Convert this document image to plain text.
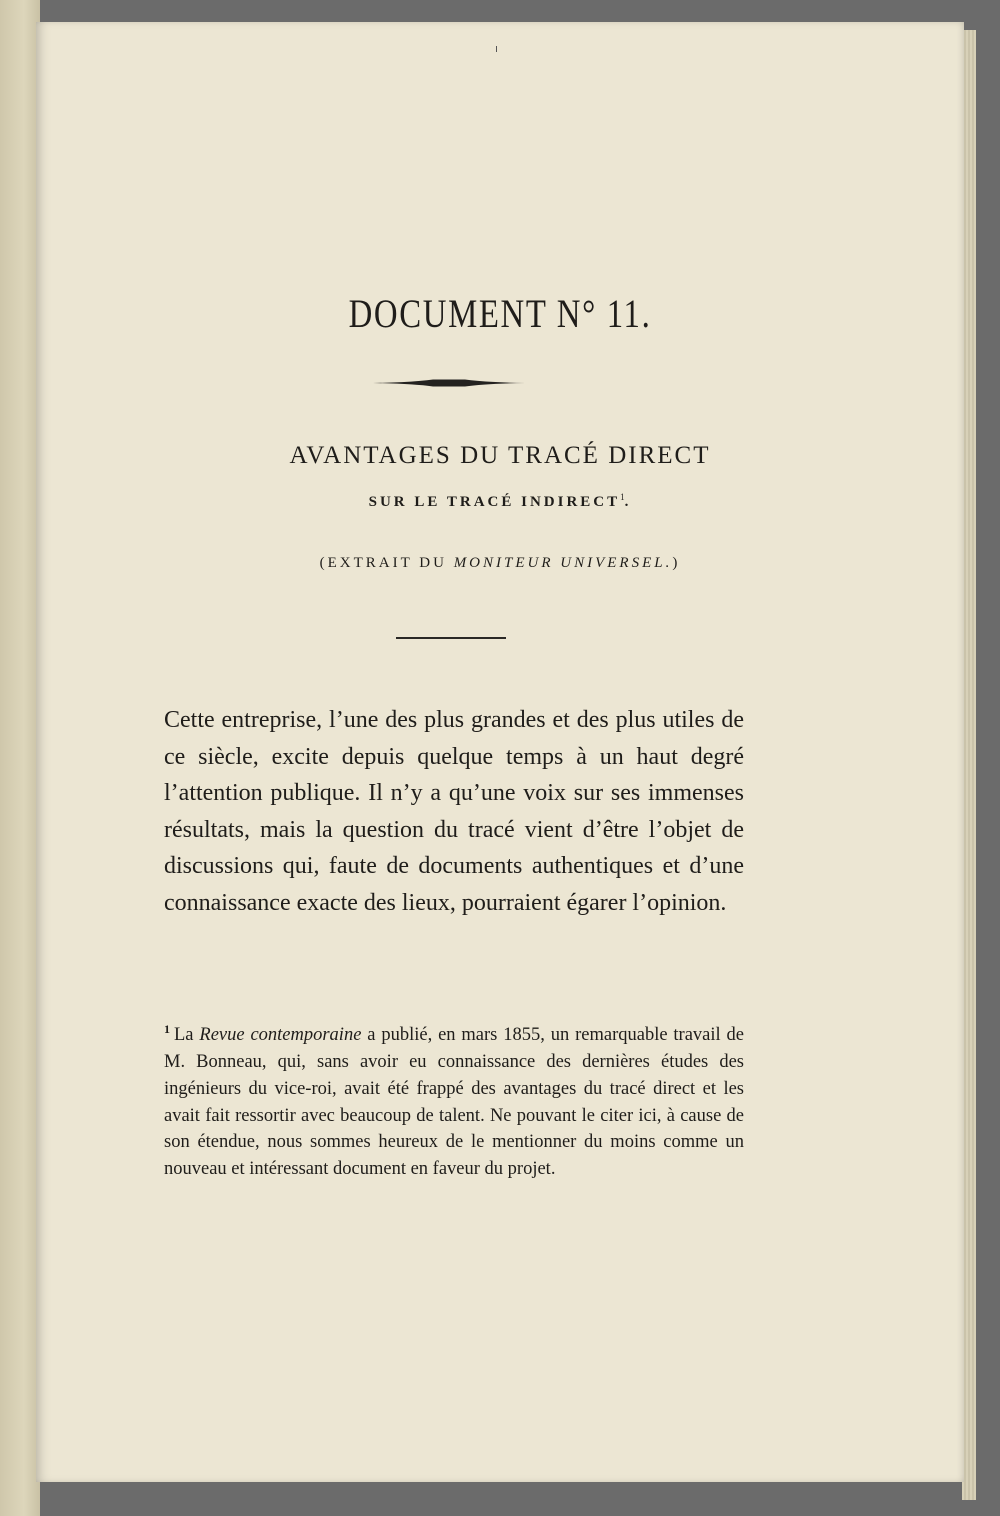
DOCUMENT N° 11.
AVANTAGES DU TRACÉ DIRECT
SUR LE TRACÉ INDIRECT$^1$.
(EXTRAIT DU MONITEUR UNIVERSEL.)
Cette entreprise, l’une des plus grandes et des plus utiles de ce siècle, excite depuis quelque temps à un haut degré l’attention publique. Il n’y a qu’une voix sur ses immenses résultats, mais la question du tracé vient d’être l’objet de discussions qui, faute de documents authentiques et d’une connaissance exacte des lieux, pourraient égarer l’opinion.
$^1$ La Revue contemporaine a publié, en mars 1855, un remarquable travail de M. Bonneau, qui, sans avoir eu connaissance des dernières études des ingénieurs du vice-roi, avait été frappé des avantages du tracé direct et les avait fait ressortir avec beaucoup de talent. Ne pouvant le citer ici, à cause de son étendue, nous sommes heureux de le mentionner du moins comme un nouveau et intéressant document en faveur du projet.
